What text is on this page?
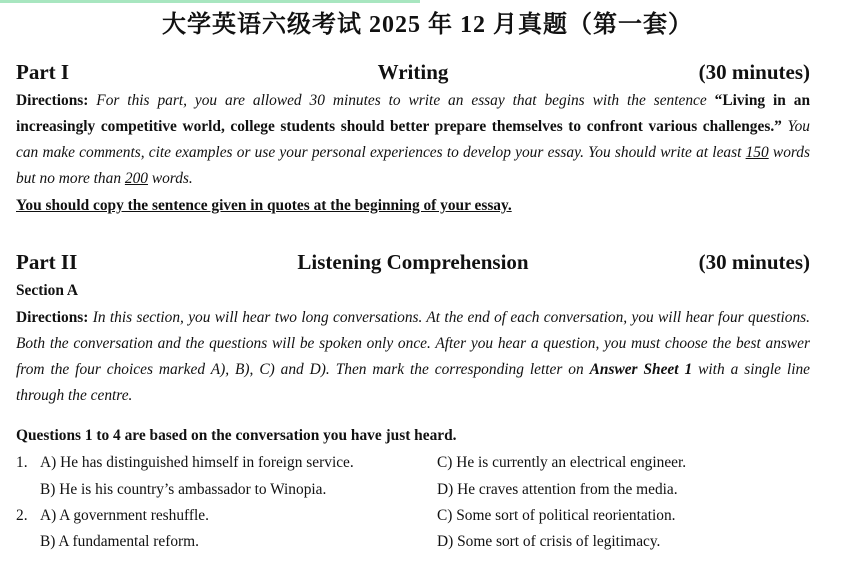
大学英语六级考试 2025 年 12 月真题（第一套）
Part I	Writing	(30 minutes)
Directions: For this part, you are allowed 30 minutes to write an essay that begins with the sentence “Living in an increasingly competitive world, college students should better prepare themselves to confront various challenges.” You can make comments, cite examples or use your personal experiences to develop your essay. You should write at least 150 words but no more than 200 words.
You should copy the sentence given in quotes at the beginning of your essay.
Part II	Listening Comprehension	(30 minutes)
Section A
Directions: In this section, you will hear two long conversations. At the end of each conversation, you will hear four questions. Both the conversation and the questions will be spoken only once. After you hear a question, you must choose the best answer from the four choices marked A), B), C) and D). Then mark the corresponding letter on Answer Sheet 1 with a single line through the centre.
Questions 1 to 4 are based on the conversation you have just heard.
1. A) He has distinguished himself in foreign service.	C) He is currently an electrical engineer.
B) He is his country’s ambassador to Winopia.	D) He craves attention from the media.
2. A) A government reshuffle.	C) Some sort of political reorientation.
B) A fundamental reform.	D) Some sort of crisis of legitimacy.
